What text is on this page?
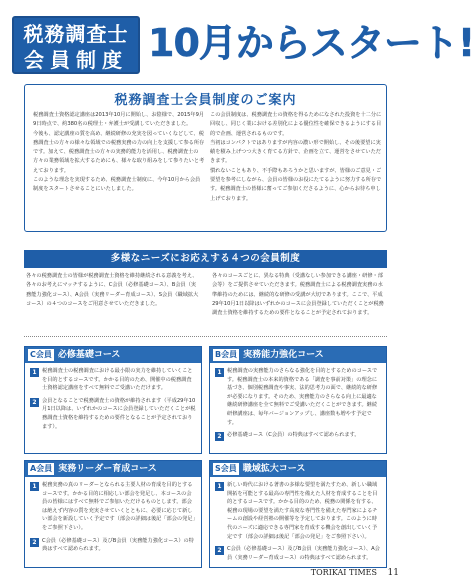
税務調査士
会員制度 10月からスタート!
税務調査士会員制度のご案内

税務調査士資格認定講座は2013年10月に開始し、お陰様で、2015年9月9日時点で、約380名の税理士・弁護士が受講していただきました。

今後も、認定講座の質を高め、継続研修の充実を図っていくなどして、税務調査士の方々の様々な領域での税務実務の力の向上を支援して参る所存です。加えて、税務調査士の方々の実務的能力を活用し、税務調査士の方々の業務領域を拡大するためにも、様々な取り組みをして参りたいと考えております。

このような理念を実現するため、税務調査士制度に、今年10月から会員制度をスタートさせることにいたしました。

この会員制度は、税務調査士の資格を得るためになされた投資を十二分に回収し、同じく業における差別化による優位性を確保できるようにする目的で企画、運営されるものです。

当初はコンパクトではありますが内容の濃い形で開始し、その後要望に実績を積み上げつつ大きく育てる方針で、企画を立て、運営をさせていただきます。

慣れないこともあり、不手際もあろうかと思いますが、皆様のご意見・ご要望を参考にしながら、会員の皆様のお役にたてるように努力する所存です。税務調査士の皆様に奮ってご参加くださるように、心からお待ち申し上げております。

多様なニーズにお応えする４つの会員制度
各々の税務調査士の皆様が税務調査士資格を維持継続される意義を考え、各々のお考えにマッチするように、C会員（必修基礎コース）、B会員（実務能力強化コース）、A会員（実務リーダー育成コース）、S会員（職域拡大コース）の４つのコースをご用意させていただきました。
各々のコースごとに、異なる特典（受講なしい参加できる講座・研修・部会等）をご提供させていただきます。税務調査士による税務調査実務の水準維持のためには、継続的な研修の受講が大切であります。ここで、平成29年10月1日以降はいずれかのコースに会員登録していただくことが税務調査士資格を維持するための要件となることが予定されております。
C会員 必修基礎コース
1	税務調査士の税務調査における最小限の実力を維持していくことを目的とするコースです。かかる目的のため、開催中の税務調査士資格認定講座をすべて無料でご受講いただけます。
2	会員となることで税務調査士の資格が維持されます（平成29年10月1日以降は、いずれかのコースに会員登録していただくことが税務調査士資格を維持するための要件となることが予定されております）。
B会員 実務能力強化コース
1	税務調査の実務能力のさらなる強化を目的とするためのコースです。税務調査士の本来的資格である「調査を事前対策」の理念に基づき、個別税務調査や事実、法的思考力の面で、継続的な研修が必要になります。そのため、実務能力のさらなる向上に最適な継続研修講座を全て無料でご受講いただくことができます。継続研修講座は、毎年バージョンアップし、講座数も増やす予定です。
2	必修基礎コース（C会員）の特典はすべて認められます。
A会員 実務リーダー育成コース
1	税務実務の真のリーダーとなられる主要人材の育成を目的とするコースです。かかる目的に相応しい部会を発足し、本コースの会員の皆様にはすべて無料でご参加いただけるものとします。部会は絶えず内容の質を充実させていくとともに、必要に応じて新しい部会を新設していく予定です（部会の詳細は後記「部会の発足」をご参照下さい）。
2	C会員（必修基礎コース）及びB会員（実務能力強化コース）の特典はすべて認められます。
S会員 職域拡大コース
1	新しい時代における著書の多様な要望を満たすため、新しい職域開拓を可能とする最高の専門性を備えた人材を育成することを目的とするコースです。かかる目的のため、税務の関係を有する、税務の現場の要望を満たす高度な専門性を備えた専門家によるチームの創設や経営塾の開催等を予定しております。このように時代のニーズに適応できる専門家を育成する機会を創出していく予定です（部会の詳細は後記「部会の発足」をご参照下さい）。
2	C会員（必修基礎コース）及びB会員（実務能力強化コース）、A会員（実務リーダー育成コース）の特典はすべて認められます。
TORIKAI TIMES 11
